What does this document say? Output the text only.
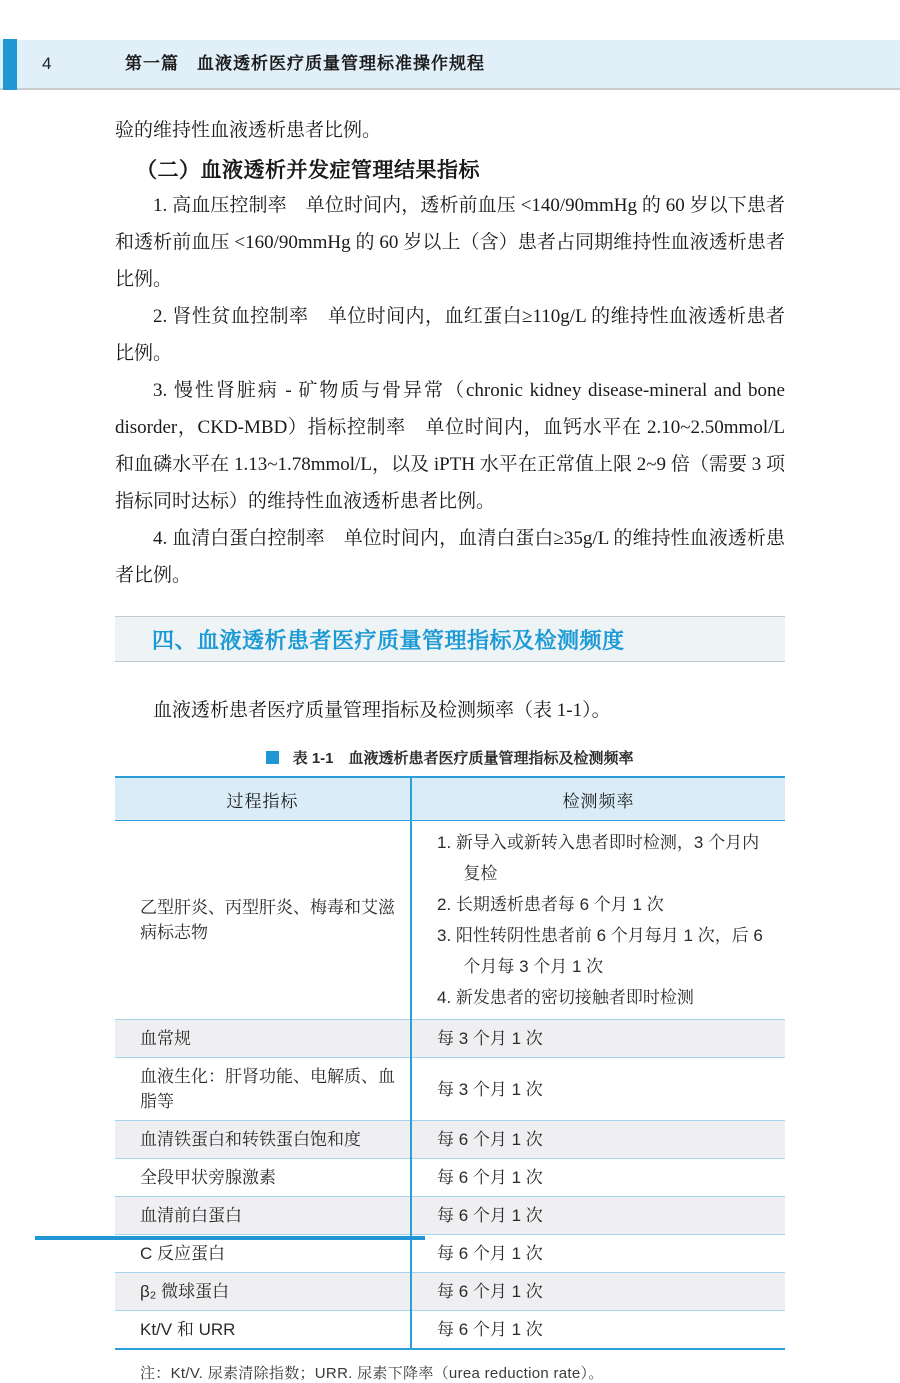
4	第一篇　血液透析医疗质量管理标准操作规程

验的维持性血液透析患者比例。

（二）血液透析并发症管理结果指标

1. 高血压控制率　单位时间内，透析前血压 <140/90mmHg 的 60 岁以下患者和透析前血压 <160/90mmHg 的 60 岁以上（含）患者占同期维持性血液透析患者比例。

2. 肾性贫血控制率　单位时间内，血红蛋白≥110g/L 的维持性血液透析患者比例。

3. 慢性肾脏病 - 矿物质与骨异常（chronic kidney disease-mineral and bone disorder，CKD-MBD）指标控制率　单位时间内，血钙水平在 2.10~2.50mmol/L 和血磷水平在 1.13~1.78mmol/L，以及 iPTH 水平在正常值上限 2~9 倍（需要 3 项指标同时达标）的维持性血液透析患者比例。

4. 血清白蛋白控制率　单位时间内，血清白蛋白≥35g/L 的维持性血液透析患者比例。

四、血液透析患者医疗质量管理指标及检测频度

血液透析患者医疗质量管理指标及检测频率（表 1-1）。

表 1-1　血液透析患者医疗质量管理指标及检测频率
过程指标	检测频率
乙型肝炎、丙型肝炎、梅毒和艾滋病标志物	1. 新导入或新转入患者即时检测，3 个月内复检
2. 长期透析患者每 6 个月 1 次
3. 阳性转阴性患者前 6 个月每月 1 次，后 6 个月每 3 个月 1 次
4. 新发患者的密切接触者即时检测

血常规	每 3 个月 1 次
血液生化：肝肾功能、电解质、血脂等	每 3 个月 1 次
血清铁蛋白和转铁蛋白饱和度	每 6 个月 1 次
全段甲状旁腺激素	每 6 个月 1 次
血清前白蛋白	每 6 个月 1 次
C 反应蛋白	每 6 个月 1 次
β₂ 微球蛋白	每 6 个月 1 次
Kt/V 和 URR	每 6 个月 1 次

注：Kt/V. 尿素清除指数；URR. 尿素下降率（urea reduction rate）。
